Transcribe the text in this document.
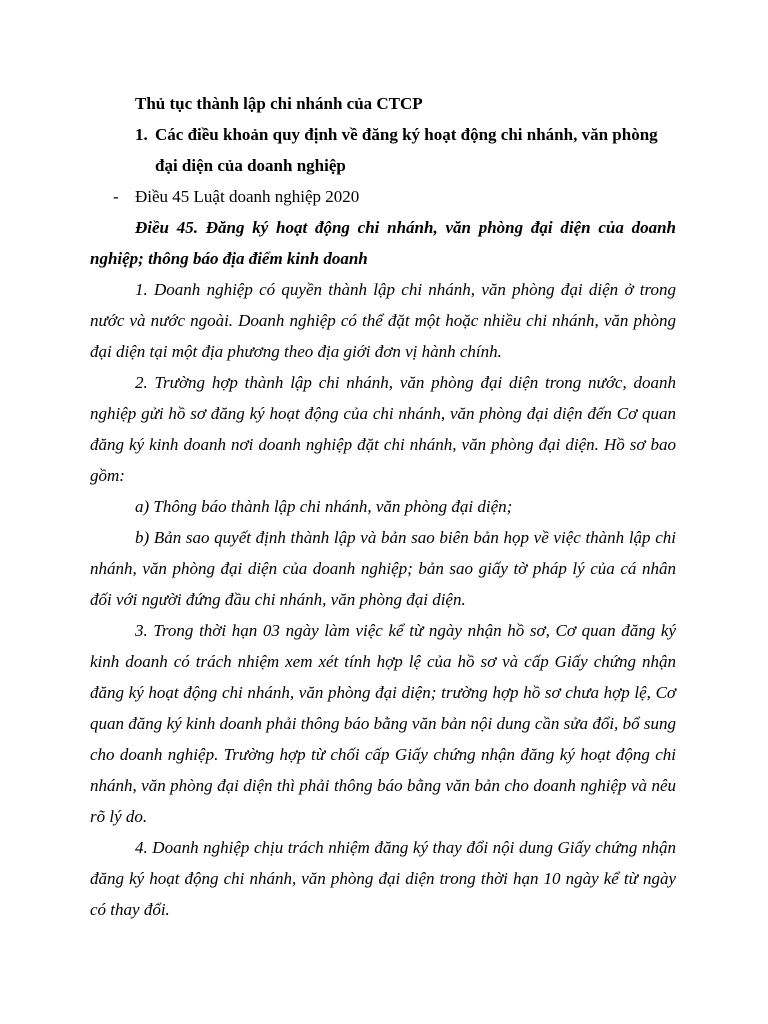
Thủ tục thành lập chi nhánh của CTCP

1. Các điều khoản quy định về đăng ký hoạt động chi nhánh, văn phòng đại diện của doanh nghiệp
- Điều 45 Luật doanh nghiệp 2020

Điều 45. Đăng ký hoạt động chi nhánh, văn phòng đại diện của doanh nghiệp; thông báo địa điểm kinh doanh

1. Doanh nghiệp có quyền thành lập chi nhánh, văn phòng đại diện ở trong nước và nước ngoài. Doanh nghiệp có thể đặt một hoặc nhiều chi nhánh, văn phòng đại diện tại một địa phương theo địa giới đơn vị hành chính.

2. Trường hợp thành lập chi nhánh, văn phòng đại diện trong nước, doanh nghiệp gửi hồ sơ đăng ký hoạt động của chi nhánh, văn phòng đại diện đến Cơ quan đăng ký kinh doanh nơi doanh nghiệp đặt chi nhánh, văn phòng đại diện. Hồ sơ bao gồm:

a) Thông báo thành lập chi nhánh, văn phòng đại diện;

b) Bản sao quyết định thành lập và bản sao biên bản họp về việc thành lập chi nhánh, văn phòng đại diện của doanh nghiệp; bản sao giấy tờ pháp lý của cá nhân đối với người đứng đầu chi nhánh, văn phòng đại diện.

3. Trong thời hạn 03 ngày làm việc kể từ ngày nhận hồ sơ, Cơ quan đăng ký kinh doanh có trách nhiệm xem xét tính hợp lệ của hồ sơ và cấp Giấy chứng nhận đăng ký hoạt động chi nhánh, văn phòng đại diện; trường hợp hồ sơ chưa hợp lệ, Cơ quan đăng ký kinh doanh phải thông báo bằng văn bản nội dung cần sửa đổi, bổ sung cho doanh nghiệp. Trường hợp từ chối cấp Giấy chứng nhận đăng ký hoạt động chi nhánh, văn phòng đại diện thì phải thông báo bằng văn bản cho doanh nghiệp và nêu rõ lý do.

4. Doanh nghiệp chịu trách nhiệm đăng ký thay đổi nội dung Giấy chứng nhận đăng ký hoạt động chi nhánh, văn phòng đại diện trong thời hạn 10 ngày kể từ ngày có thay đổi.
